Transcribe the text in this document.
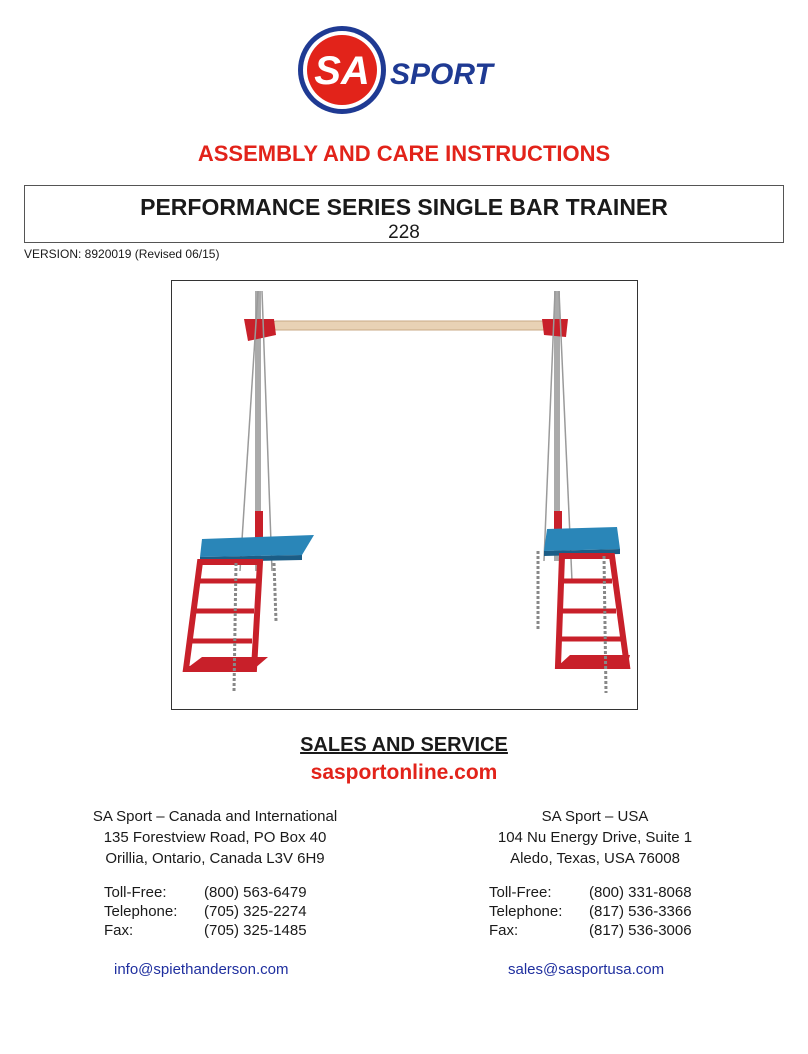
SA SPORT
ASSEMBLY AND CARE INSTRUCTIONS
PERFORMANCE SERIES SINGLE BAR TRAINER
228
VERSION: 8920019 (Revised 06/15)
SALES AND SERVICE
sasportonline.com
SA Sport – Canada and International
135 Forestview Road, PO Box 40
Orillia, Ontario, Canada L3V 6H9
Toll-Free:	(800) 563-6479
Telephone:	(705) 325-2274
Fax:	(705) 325-1485
info@spiethanderson.com
SA Sport – USA
104 Nu Energy Drive, Suite 1
Aledo, Texas, USA 76008
Toll-Free:	(800) 331-8068
Telephone:	(817) 536-3366
Fax:	(817) 536-3006
sales@sasportusa.com
